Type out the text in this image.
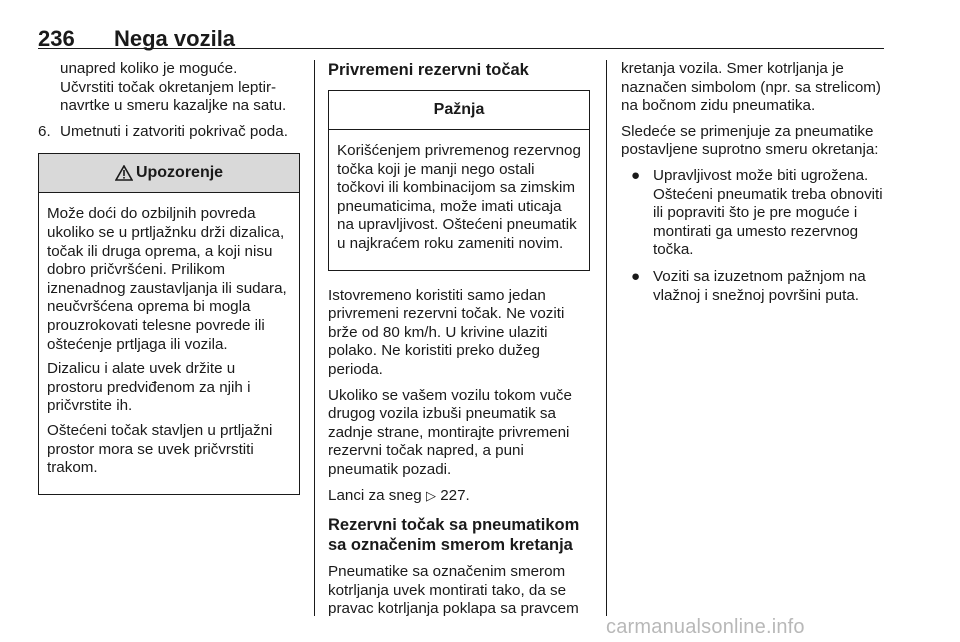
236 Nega vozila

unapred koliko je moguće.
Učvrstiti točak okretanjem leptir-navrtke u smeru kazaljke na satu.

6. Umetnuti i zatvoriti pokrivač poda.
Upozorenje

Može doći do ozbiljnih povreda ukoliko se u prtljažnku drži dizalica, točak ili druga oprema, a koji nisu dobro pričvršćeni. Prilikom iznenadnog zaustavljanja ili sudara, neučvršćena oprema bi mogla prouzrokovati telesne povrede ili oštećenje prtljaga ili vozila.

Dizalicu i alate uvek držite u prostoru predviđenom za njih i pričvrstite ih.

Oštećeni točak stavljen u prtljažni prostor mora se uvek pričvrstiti trakom.

Privremeni rezervni točak
Pažnja

Korišćenjem privremenog rezervnog točka koji je manji nego ostali točkovi ili kombinacijom sa zimskim pneumaticima, može imati uticaja na upravljivost. Oštećeni pneumatik u najkraćem roku zameniti novim.

Istovremeno koristiti samo jedan privremeni rezervni točak. Ne voziti brže od 80 km/h. U krivine ulaziti polako. Ne koristiti preko dužeg perioda.

Ukoliko se vašem vozilu tokom vuče drugog vozila izbuši pneumatik sa zadnje strane, montirajte privremeni rezervni točak napred, a puni pneumatik pozadi.

Lanci za sneg ▷ 227.

Rezervni točak sa pneumatikom sa označenim smerom kretanja

Pneumatike sa označenim smerom kotrljanja uvek montirati tako, da se pravac kotrljanja poklapa sa pravcem

kretanja vozila. Smer kotrljanja je naznačen simbolom (npr. sa strelicom) na bočnom zidu pneumatika.

Sledeće se primenjuje za pneumatike postavljene suprotno smeru okretanja:

● Upravljivost može biti ugrožena. Oštećeni pneumatik treba obnoviti ili popraviti što je pre moguće i montirati ga umesto rezervnog točka.
● Voziti sa izuzetnom pažnjom na vlažnoj i snežnoj površini puta.
carmanualsonline.info
